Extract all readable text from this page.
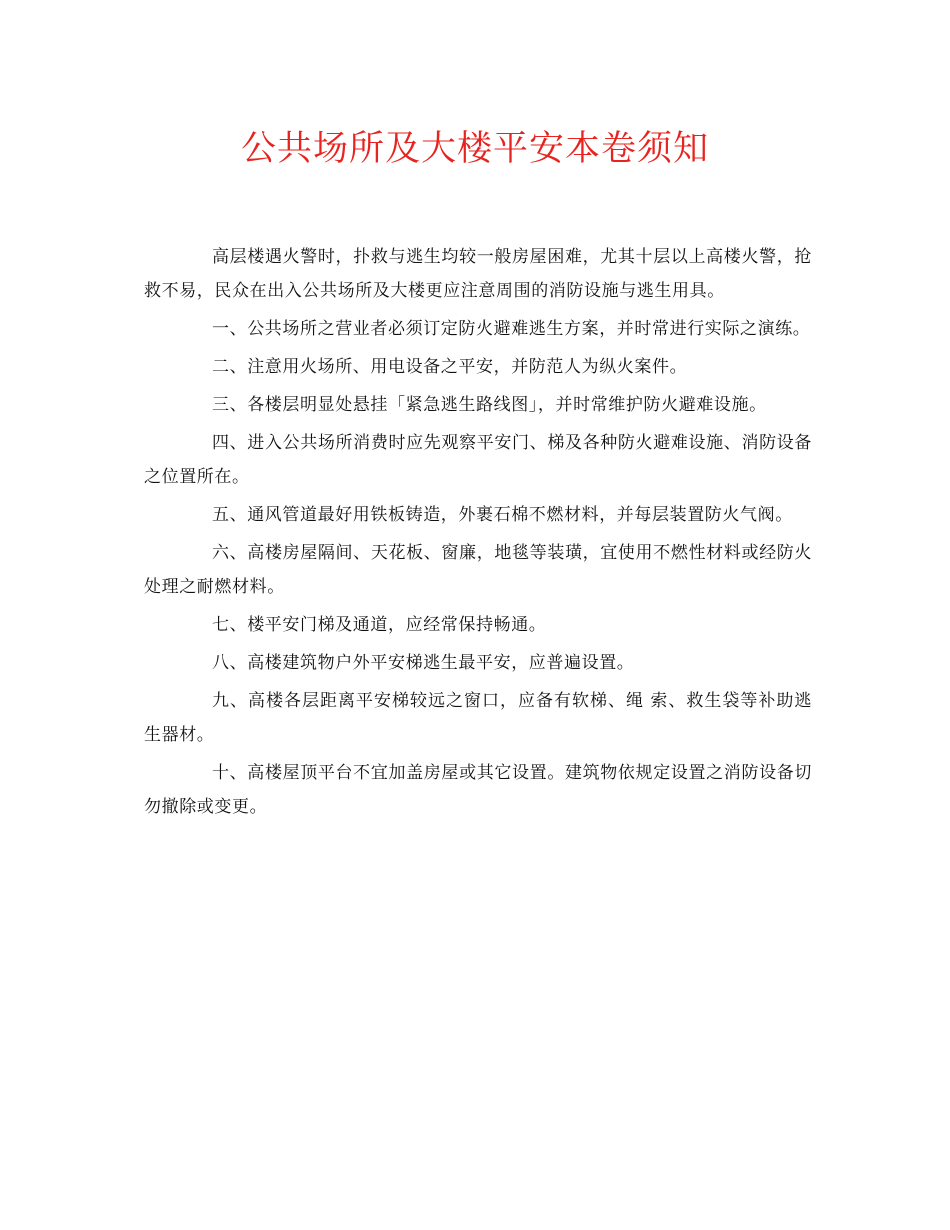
公共场所及大楼平安本卷须知

高层楼遇火警时，扑救与逃生均较一般房屋困难，尤其十层以上高楼火警，抢救不易，民众在出入公共场所及大楼更应注意周围的消防设施与逃生用具。

一、公共场所之营业者必须订定防火避难逃生方案，并时常进行实际之演练。

二、注意用火场所、用电设备之平安，并防范人为纵火案件。

三、各楼层明显处悬挂「紧急逃生路线图」，并时常维护防火避难设施。

四、进入公共场所消费时应先观察平安门、梯及各种防火避难设施、消防设备之位置所在。

五、通风管道最好用铁板铸造，外裹石棉不燃材料，并每层装置防火气阀。

六、高楼房屋隔间、天花板、窗廉，地毯等装璜，宜使用不燃性材料或经防火处理之耐燃材料。

七、楼平安门梯及通道，应经常保持畅通。

八、高楼建筑物户外平安梯逃生最平安，应普遍设置。

九、高楼各层距离平安梯较远之窗口，应备有软梯、绳 索、救生袋等补助逃生器材。

十、高楼屋顶平台不宜加盖房屋或其它设置。建筑物依规定设置之消防设备切勿撤除或变更。
